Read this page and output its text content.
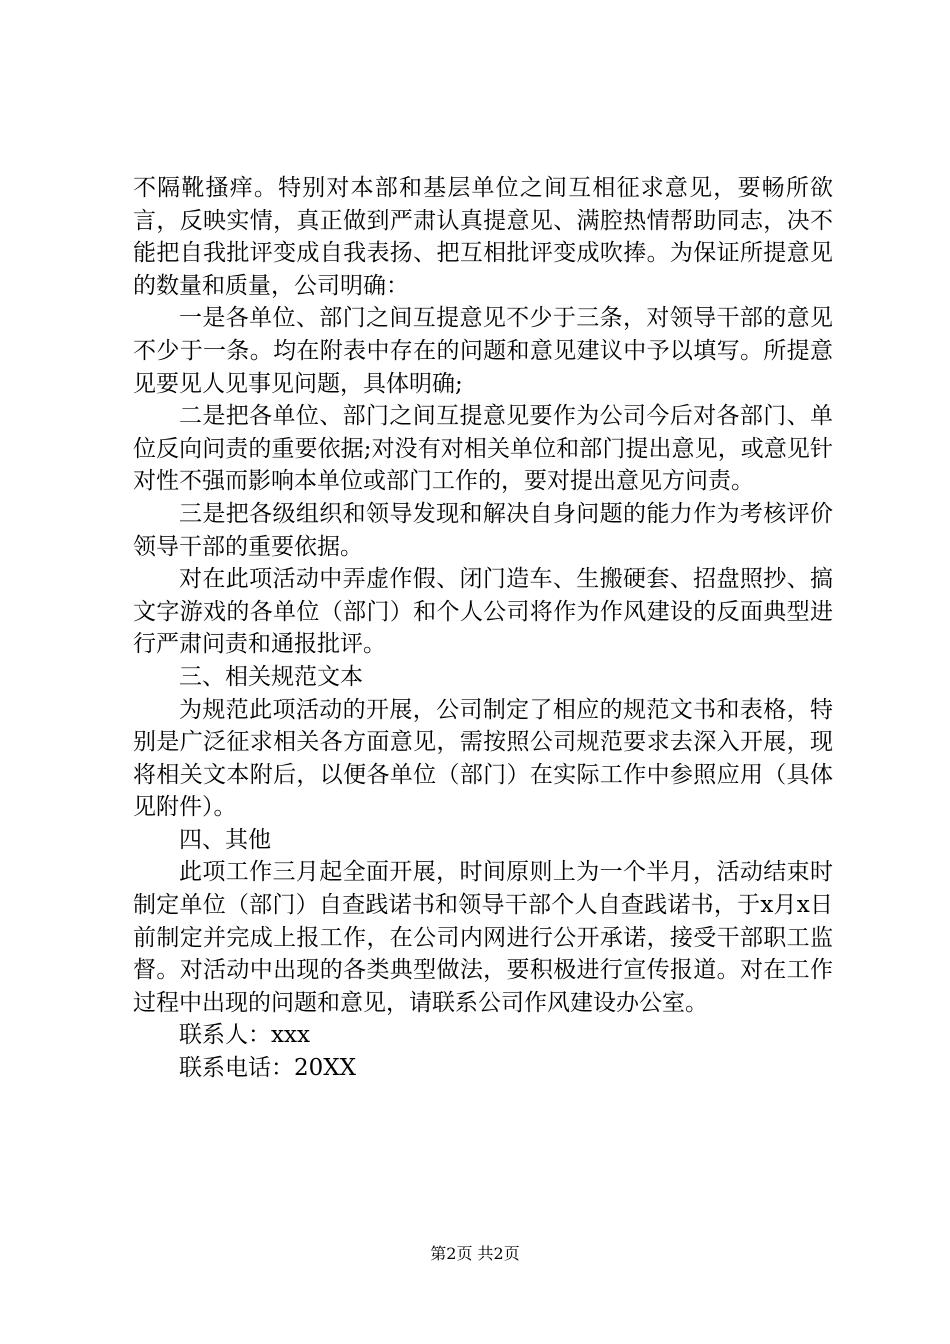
不隔靴搔痒。特别对本部和基层单位之间互相征求意见，要畅所欲言，反映实情，真正做到严肃认真提意见、满腔热情帮助同志，决不能把自我批评变成自我表扬、把互相批评变成吹捧。为保证所提意见的数量和质量，公司明确：

一是各单位、部门之间互提意见不少于三条，对领导干部的意见不少于一条。均在附表中存在的问题和意见建议中予以填写。所提意见要见人见事见问题，具体明确;

二是把各单位、部门之间互提意见要作为公司今后对各部门、单位反向问责的重要依据;对没有对相关单位和部门提出意见，或意见针对性不强而影响本单位或部门工作的，要对提出意见方问责。

三是把各级组织和领导发现和解决自身问题的能力作为考核评价领导干部的重要依据。

对在此项活动中弄虚作假、闭门造车、生搬硬套、招盘照抄、搞文字游戏的各单位（部门）和个人公司将作为作风建设的反面典型进行严肃问责和通报批评。

三、相关规范文本

为规范此项活动的开展，公司制定了相应的规范文书和表格，特别是广泛征求相关各方面意见，需按照公司规范要求去深入开展，现将相关文本附后，以便各单位（部门）在实际工作中参照应用（具体见附件）。

四、其他

此项工作三月起全面开展，时间原则上为一个半月，活动结束时制定单位（部门）自查践诺书和领导干部个人自查践诺书，于x月x日前制定并完成上报工作，在公司内网进行公开承诺，接受干部职工监督。对活动中出现的各类典型做法，要积极进行宣传报道。对在工作过程中出现的问题和意见，请联系公司作风建设办公室。

联系人：xxx

联系电话：20XX

第2页 共2页
